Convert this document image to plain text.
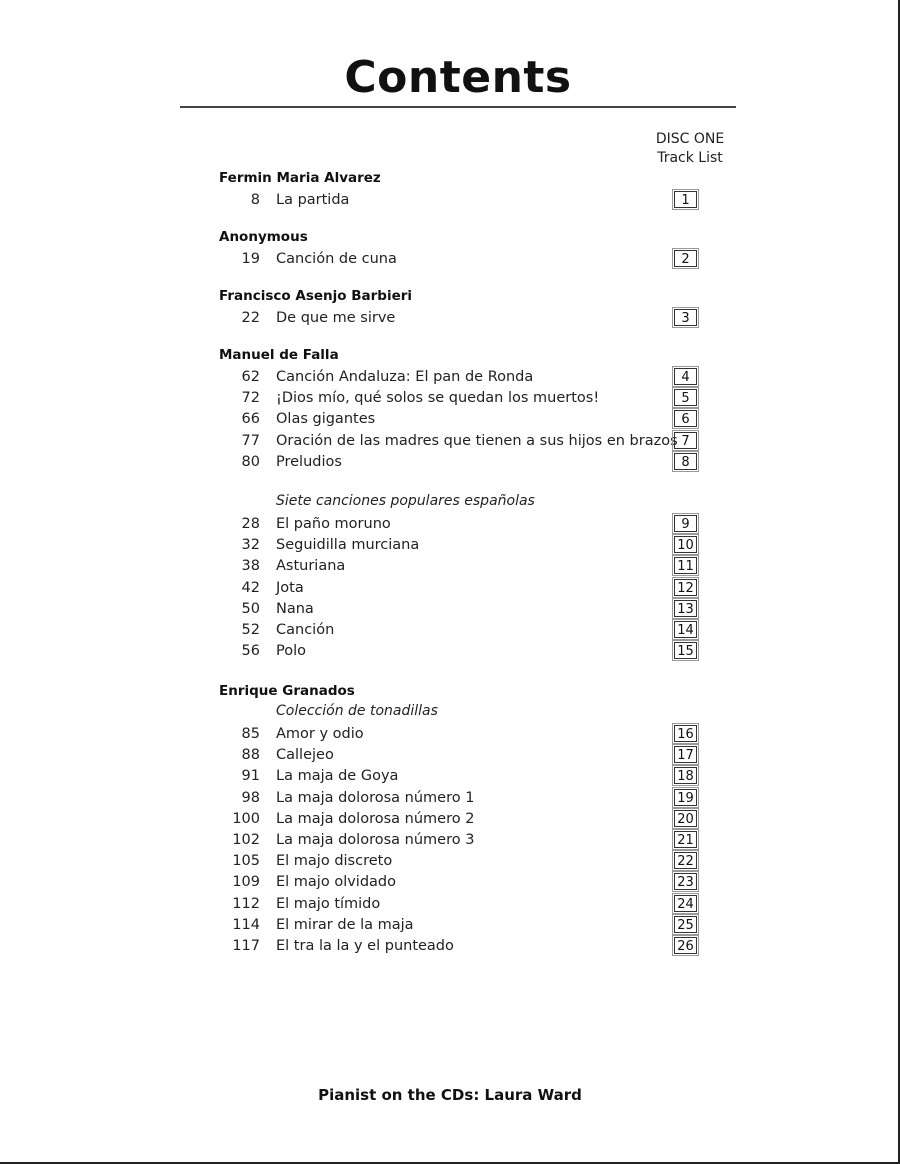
Contents
DISC ONE
Track List
Fermin Maria Alvarez
8 La partida	1
Anonymous
19 Canción de cuna	2
Francisco Asenjo Barbieri
22 De que me sirve	3
Manuel de Falla
62 Canción Andaluza: El pan de Ronda	4
72 ¡Dios mío, qué solos se quedan los muertos!	5
66 Olas gigantes	6
77 Oración de las madres que tienen a sus hijos en brazos 7
80 Preludios	8
Siete canciones populares españolas
28 El paño moruno	9
32 Seguidilla murciana	10
38 Asturiana	11
42 Jota	12
50 Nana	13
52 Canción	14
56 Polo	15
Enrique Granados
Colección de tonadillas
85 Amor y odio	16
88 Callejeo	17
91 La maja de Goya	18
98 La maja dolorosa número 1	19
100 La maja dolorosa número 2	20
102 La maja dolorosa número 3	21
105 El majo discreto	22
109 El majo olvidado	23
112 El majo tímido	24
114 El mirar de la maja	25
117 El tra la la y el punteado	26
Pianist on the CDs: Laura Ward
